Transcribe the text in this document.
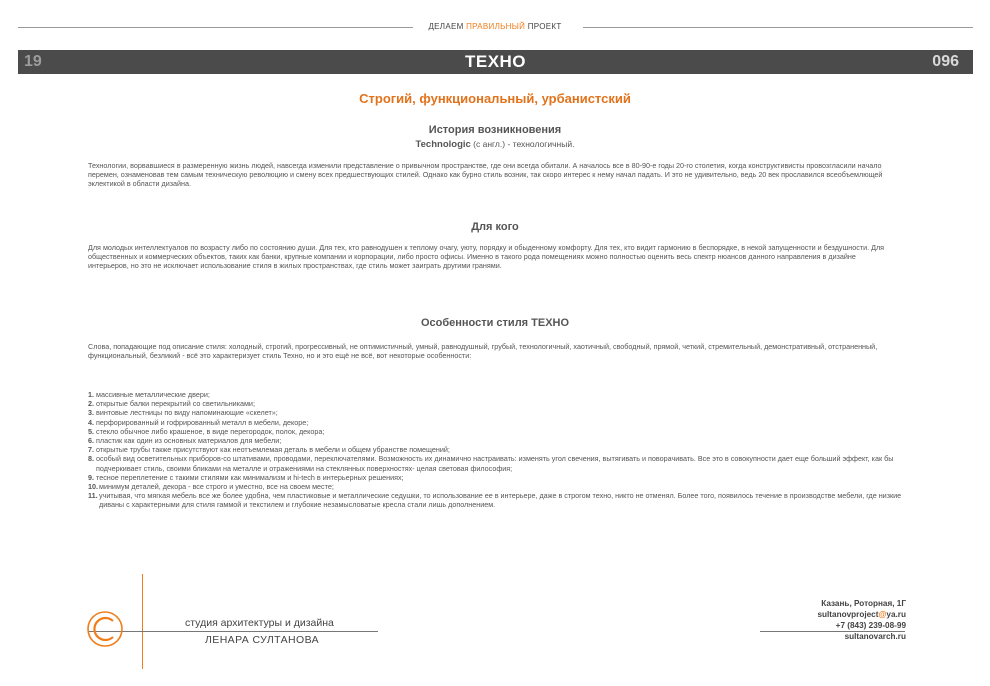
ДЕЛАЕМ ПРАВИЛЬНЫЙ ПРОЕКТ
19	ТЕХНО	096
Строгий, функциональный, урбанистский
История возникновения
Technologic (с англ.) - технологичный.
Технологии, ворвавшиеся в размеренную жизнь людей, навсегда изменили представление о привычном пространстве, где они всегда обитали. А началось все в 80-90-е годы 20-го столетия, когда конструктивисты провозгласили начало перемен, ознаменовав тем самым техническую революцию и смену всех предшествующих стилей. Однако как бурно стиль возник, так скоро интерес к нему начал падать. И это не удивительно, ведь 20 век прославился всеобъемлющей эклектикой в области дизайна.
Для кого
Для молодых интеллектуалов по возрасту либо по состоянию души. Для тех, кто равнодушен к теплому очагу, уюту, порядку и обыденному комфорту. Для тех, кто видит гармонию в беспорядке, в некой запущенности и бездушности. Для общественных и коммерческих объектов, таких как банки, крупные компании и корпорации, либо просто офисы. Именно в такого рода помещениях можно полностью оценить весь спектр нюансов данного направления в дизайне интерьеров, но это не исключает использование стиля в жилых пространствах, где стиль может заиграть другими гранями.
Особенности стиля ТЕХНО
Слова, попадающие под описание стиля: холодный, строгий, прогрессивный, не оптимистичный, умный, равнодушный, грубый, технологичный, хаотичный, свободный, прямой, четкий, стремительный, демонстративный, отстраненный, функциональный, безликий - всё это характеризует стиль Техно, но и это ещё не всё, вот некоторые особенности:
1. массивные металлические двери;
2. открытые балки перекрытий со светильниками;
3. винтовые лестницы по виду напоминающие «скелет»;
4. перфорированный и гофрированный металл в мебели, декоре;
5. стекло обычное либо крашеное, в виде перегородок, полок, декора;
6. пластик как один из основных материалов для мебели;
7. открытые трубы также присутствуют как неотъемлемая деталь в мебели и общем убранстве помещений;
8. особый вид осветительных приборов-со штативами, проводами, переключателями. Возможность их динамично настраивать: изменять угол свечения, вытягивать и поворачивать. Все это в совокупности дает еще больший эффект, как бы подчеркивает стиль, своими бликами на металле и отражениями на стеклянных поверхностях- целая световая философия;
9. тесное переплетение с такими стилями как минимализм и hi-tech в интерьерных решениях;
10. минимум деталей, декора - все строго и уместно, все на своем месте;
11. учитывая, что мягкая мебель все же более удобна, чем пластиковые и металлические седушки, то использование ее в интерьере, даже в строгом техно, никто не отменял. Более того, появилось течение в производстве мебели, где низкие диваны с характерными для стиля гаммой и текстилем и глубокие незамысловатые кресла стали лишь дополнением.
студия архитектуры и дизайна
ЛЕНАРА СУЛТАНОВА
Казань, Роторная, 1Г
sultanovproject@ya.ru
+7 (843) 239-08-99
sultanovarch.ru
